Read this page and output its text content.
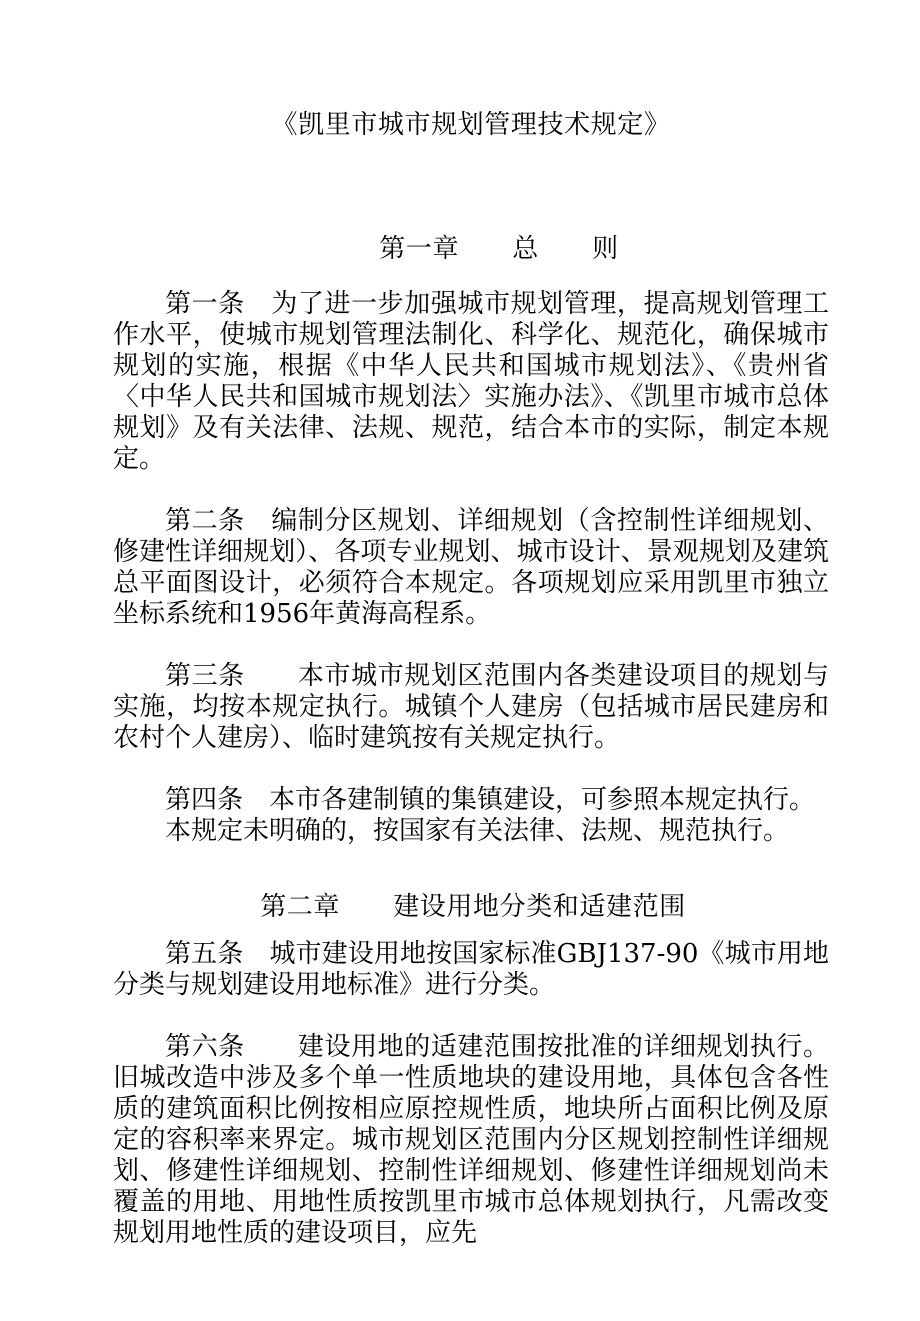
《凯里市城市规划管理技术规定》
第一章　　总　　则

第一条　为了进一步加强城市规划管理，提高规划管理工作水平，使城市规划管理法制化、科学化、规范化，确保城市规划的实施，根据《中华人民共和国城市规划法》、《贵州省〈中华人民共和国城市规划法〉实施办法》、《凯里市城市总体规划》及有关法律、法规、规范，结合本市的实际，制定本规定。

第二条　编制分区规划、详细规划（含控制性详细规划、修建性详细规划）、各项专业规划、城市设计、景观规划及建筑总平面图设计，必须符合本规定。各项规划应采用凯里市独立坐标系统和1956年黄海高程系。

第三条　　本市城市规划区范围内各类建设项目的规划与实施，均按本规定执行。城镇个人建房（包括城市居民建房和农村个人建房）、临时建筑按有关规定执行。

第四条　本市各建制镇的集镇建设，可参照本规定执行。

本规定未明确的，按国家有关法律、法规、规范执行。

第二章　　建设用地分类和适建范围

第五条　城市建设用地按国家标准GBJ137-90《城市用地分类与规划建设用地标准》进行分类。

第六条　　建设用地的适建范围按批准的详细规划执行。旧城改造中涉及多个单一性质地块的建设用地，具体包含各性质的建筑面积比例按相应原控规性质，地块所占面积比例及原定的容积率来界定。城市规划区范围内分区规划控制性详细规划、修建性详细规划、控制性详细规划、修建性详细规划尚未覆盖的用地、用地性质按凯里市城市总体规划执行，凡需改变规划用地性质的建设项目，应先
